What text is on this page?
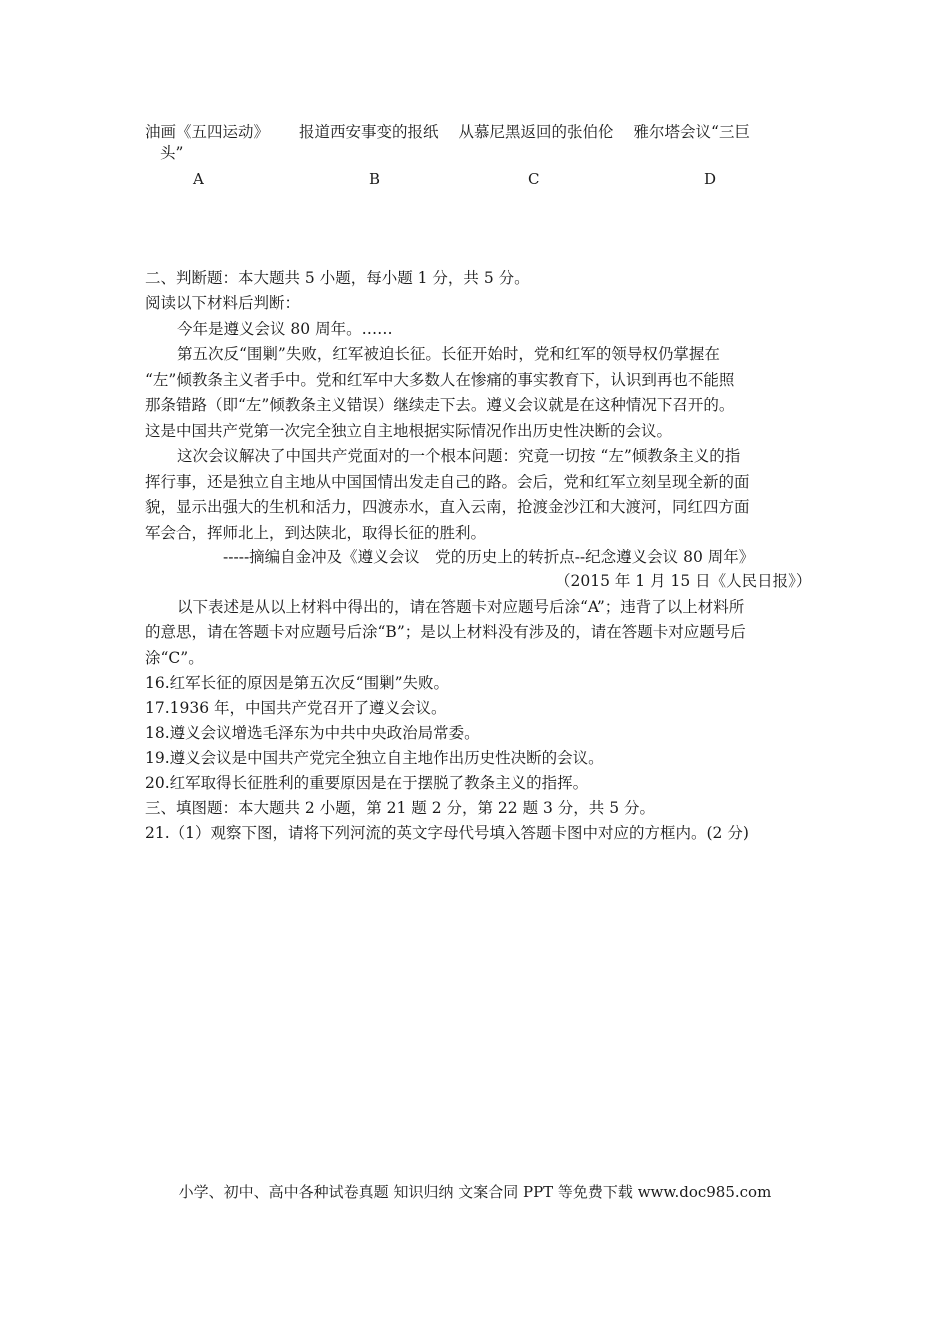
油画《五四运动》 报道西安事变的报纸 从慕尼黑返回的张伯伦 雅尔塔会议“三巨
头”
A	B	C	D
二、判断题：本大题共 5 小题，每小题 1 分，共 5 分。
阅读以下材料后判断：
今年是遵义会议 80 周年。……
第五次反“围剿”失败，红军被迫长征。长征开始时，党和红军的领导权仍掌握在
“左”倾教条主义者手中。党和红军中大多数人在惨痛的事实教育下，认识到再也不能照
那条错路（即“左”倾教条主义错误）继续走下去。遵义会议就是在这种情况下召开的。
这是中国共产党第一次完全独立自主地根据实际情况作出历史性决断的会议。
这次会议解决了中国共产党面对的一个根本问题：究竟一切按 “左”倾教条主义的指
挥行事，还是独立自主地从中国国情出发走自己的路。会后，党和红军立刻呈现全新的面
貌，显示出强大的生机和活力，四渡赤水，直入云南，抢渡金沙江和大渡河，同红四方面
军会合，挥师北上，到达陕北，取得长征的胜利。
-----摘编自金冲及《遵义会议　党的历史上的转折点--纪念遵义会议 80 周年》
（2015 年 1 月 15 日《人民日报》）
以下表述是从以上材料中得出的，请在答题卡对应题号后涂“A”；违背了以上材料所
的意思，请在答题卡对应题号后涂“B”；是以上材料没有涉及的，请在答题卡对应题号后
涂“C”。
16.红军长征的原因是第五次反“围剿”失败。
17.1936 年，中国共产党召开了遵义会议。
18.遵义会议增选毛泽东为中共中央政治局常委。
19.遵义会议是中国共产党完全独立自主地作出历史性决断的会议。
20.红军取得长征胜利的重要原因是在于摆脱了教条主义的指挥。
三、填图题：本大题共 2 小题，第 21 题 2 分，第 22 题 3 分，共 5 分。
21.（1）观察下图，请将下列河流的英文字母代号填入答题卡图中对应的方框内。(2 分)
小学、初中、高中各种试卷真题 知识归纳 文案合同 PPT 等免费下载 www.doc985.com
